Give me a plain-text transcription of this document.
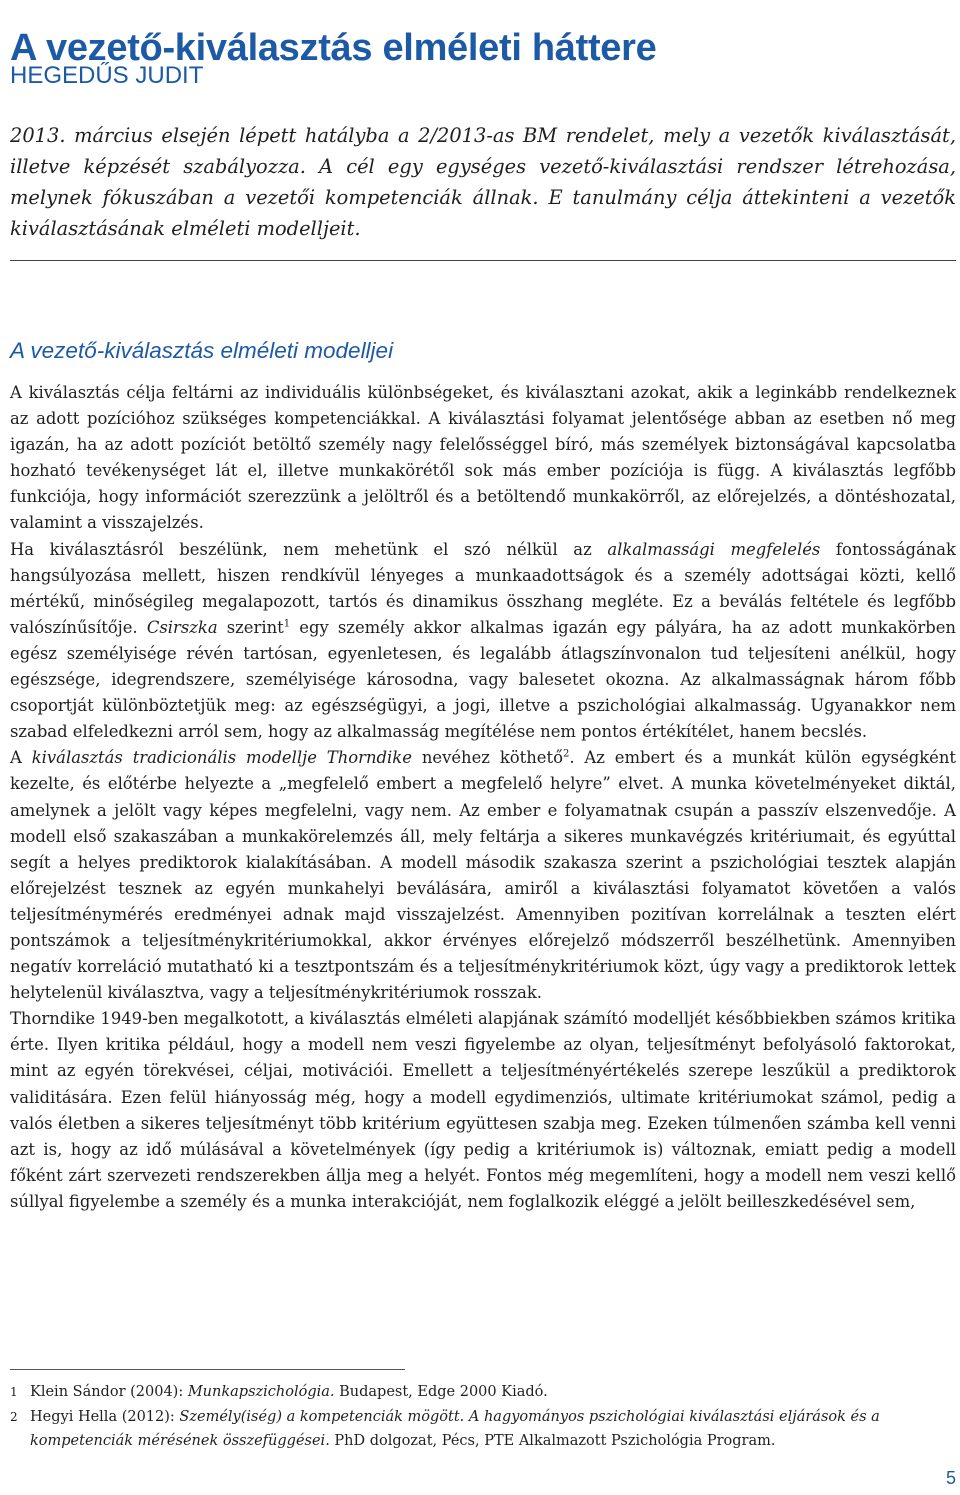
A vezető-kiválasztás elméleti háttere
HEGEDŰS JUDIT

2013. március elsején lépett hatályba a 2/2013-as BM rendelet, mely a vezetők kiválasztását, illetve képzését szabályozza. A cél egy egységes vezető-kiválasztási rendszer létrehozása, melynek fókuszában a vezetői kompetenciák állnak. E tanulmány célja áttekinteni a vezetők kiválasztásának elméleti modelljeit.

A vezető-kiválasztás elméleti modelljei

A kiválasztás célja feltárni az individuális különbségeket, és kiválasztani azokat, akik a leginkább rendelkeznek az adott pozícióhoz szükséges kompetenciákkal. A kiválasztási folyamat jelentősége abban az esetben nő meg igazán, ha az adott pozíciót betöltő személy nagy felelősséggel bíró, más személyek biztonságával kapcsolatba hozható tevékenységet lát el, illetve munkakörétől sok más ember pozíciója is függ. A kiválasztás legfőbb funkciója, hogy információt szerezzünk a jelöltről és a betöltendő munkakörről, az előrejelzés, a döntéshozatal, valamint a visszajelzés.

Ha kiválasztásról beszélünk, nem mehetünk el szó nélkül az alkalmassági megfelelés fontosságának hangsúlyozása mellett, hiszen rendkívül lényeges a munkaadottságok és a személy adottságai közti, kellő mértékű, minőségileg megalapozott, tartós és dinamikus összhang megléte. Ez a beválás feltétele és legfőbb valószínűsítője. Csirszka szerint$^1$ egy személy akkor alkalmas igazán egy pályára, ha az adott munkakörben egész személyisége révén tartósan, egyenletesen, és legalább átlagszínvonalon tud teljesíteni anélkül, hogy egészsége, idegrendszere, személyisége károsodna, vagy balesetet okozna. Az alkalmasságnak három főbb csoportját különböztetjük meg: az egészségügyi, a jogi, illetve a pszichológiai alkalmasság. Ugyanakkor nem szabad elfeledkezni arról sem, hogy az alkalmasság megítélése nem pontos értékítélet, hanem becslés.

A kiválasztás tradicionális modellje Thorndike nevéhez köthető$^2$. Az embert és a munkát külön egységként kezelte, és előtérbe helyezte a „megfelelő embert a megfelelő helyre” elvet. A munka követelményeket diktál, amelynek a jelölt vagy képes megfelelni, vagy nem. Az ember e folyamatnak csupán a passzív elszenvedője. A modell első szakaszában a munkakörelemzés áll, mely feltárja a sikeres munkavégzés kritériumait, és egyúttal segít a helyes prediktorok kialakításában. A modell második szakasza szerint a pszichológiai tesztek alapján előrejelzést tesznek az egyén munkahelyi beválására, amiről a kiválasztási folyamatot követően a valós teljesítménymérés eredményei adnak majd visszajelzést. Amennyiben pozitívan korrelálnak a teszten elért pontszámok a teljesítménykritériumokkal, akkor érvényes előrejelző módszerről beszélhetünk. Amennyiben negatív korreláció mutatható ki a tesztpontszám és a teljesítménykritériumok közt, úgy vagy a prediktorok lettek helytelenül kiválasztva, vagy a teljesítménykritériumok rosszak.

Thorndike 1949-ben megalkotott, a kiválasztás elméleti alapjának számító modelljét későbbiekben számos kritika érte. Ilyen kritika például, hogy a modell nem veszi figyelembe az olyan, teljesítményt befolyásoló faktorokat, mint az egyén törekvései, céljai, motivációi. Emellett a teljesítményértékelés szerepe leszűkül a prediktorok validitására. Ezen felül hiányosság még, hogy a modell egydimenziós, ultimate kritériumokat számol, pedig a valós életben a sikeres teljesítményt több kritérium együttesen szabja meg. Ezeken túlmenően számba kell venni azt is, hogy az idő múlásával a követelmények (így pedig a kritériumok is) változnak, emiatt pedig a modell főként zárt szervezeti rendszerekben állja meg a helyét. Fontos még megemlíteni, hogy a modell nem veszi kellő súllyal figyelembe a személy és a munka interakcióját, nem foglalkozik eléggé a jelölt beilleszkedésével sem,

1 Klein Sándor (2004): Munkapszichológia. Budapest, Edge 2000 Kiadó.
2 Hegyi Hella (2012): Személy(iség) a kompetenciák mögött. A hagyományos pszichológiai kiválasztási eljárások és a kompetenciák mérésének összefüggései. PhD dolgozat, Pécs, PTE Alkalmazott Pszichológia Program.
5
